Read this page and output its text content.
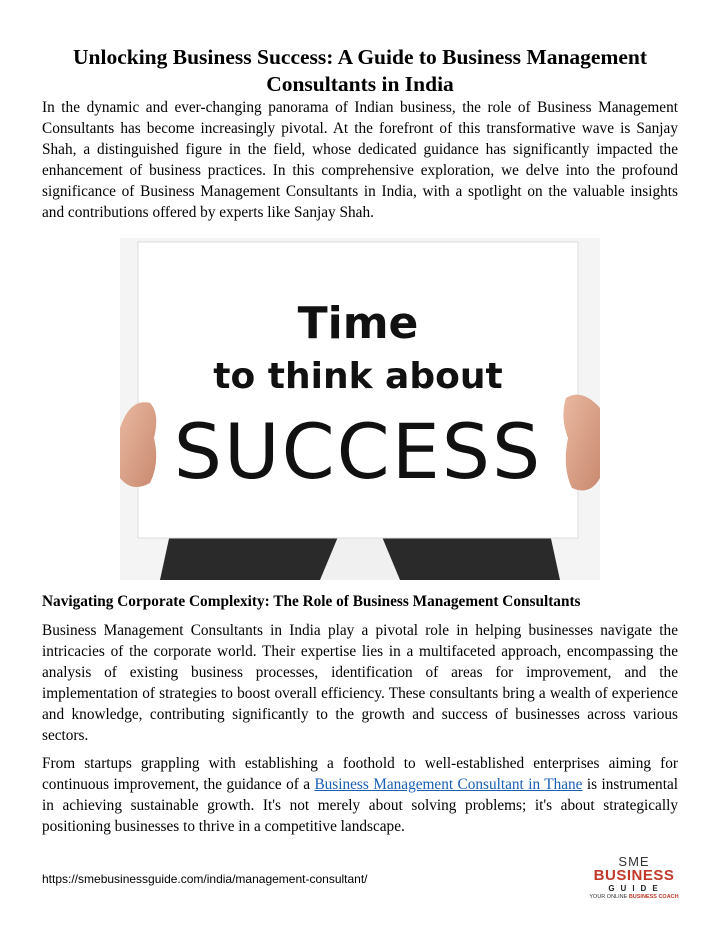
Unlocking Business Success: A Guide to Business Management Consultants in India

In the dynamic and ever-changing panorama of Indian business, the role of Business Management Consultants has become increasingly pivotal. At the forefront of this transformative wave is Sanjay Shah, a distinguished figure in the field, whose dedicated guidance has significantly impacted the enhancement of business practices. In this comprehensive exploration, we delve into the profound significance of Business Management Consultants in India, with a spotlight on the valuable insights and contributions offered by experts like Sanjay Shah.

Time
to think about
SUCCESS
Navigating Corporate Complexity: The Role of Business Management Consultants

Business Management Consultants in India play a pivotal role in helping businesses navigate the intricacies of the corporate world. Their expertise lies in a multifaceted approach, encompassing the analysis of existing business processes, identification of areas for improvement, and the implementation of strategies to boost overall efficiency. These consultants bring a wealth of experience and knowledge, contributing significantly to the growth and success of businesses across various sectors.

From startups grappling with establishing a foothold to well-established enterprises aiming for continuous improvement, the guidance of a Business Management Consultant in Thane is instrumental in achieving sustainable growth. It's not merely about solving problems; it's about strategically positioning businesses to thrive in a competitive landscape.

https://smebusinessguide.com/india/management-consultant/
SME
BUSINESS
GUIDE
YOUR ONLINE BUSINESS COACH
